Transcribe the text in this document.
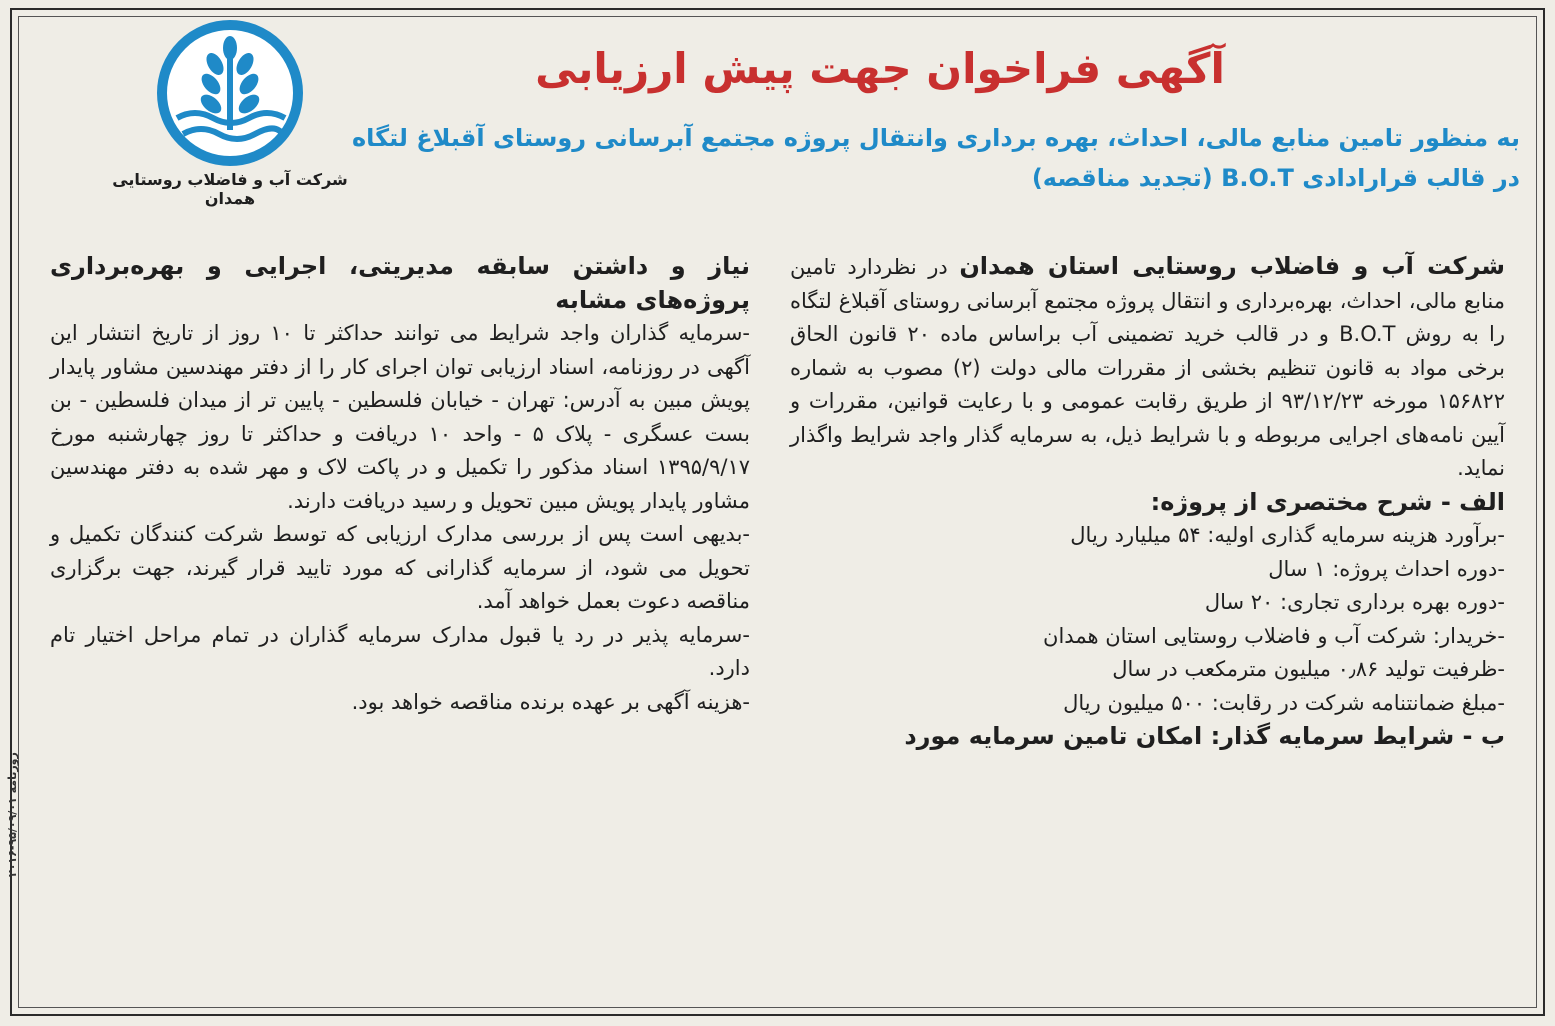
شرکت آب و فاضلاب روستایی همدان
آگهی فراخوان جهت پیش ارزیابی
به منظور تامین منابع مالی، احداث، بهره برداری وانتقال پروژه مجتمع آبرسانی روستای آقبلاغ لتگاه
در قالب قرارادادی B.O.T (تجدید مناقصه)

شرکت آب و فاضلاب روستایی استان همدان در نظردارد تامین منابع مالی، احداث، بهره‌برداری و انتقال پروژه مجتمع آبرسانی روستای آقبلاغ لتگاه را به روش B.O.T و در قالب خرید تضمینی آب براساس ماده ۲۰ قانون الحاق برخی مواد به قانون تنظیم بخشی از مقررات مالی دولت (۲) مصوب به شماره ۱۵۶۸۲۲ مورخه ۹۳/۱۲/۲۳ از طریق رقابت عمومی و با رعایت قوانین، مقررات و آیین نامه‌های اجرایی مربوطه و با شرایط ذیل، به سرمایه گذار واجد شرایط واگذار نماید.

الف - شرح مختصری از پروژه:

-برآورد هزینه سرمایه گذاری اولیه: ۵۴ میلیارد ریال

-دوره احداث پروژه: ۱ سال

-دوره بهره برداری تجاری: ۲۰ سال

-خریدار: شرکت آب و فاضلاب روستایی استان همدان

-ظرفیت تولید ۰٫۸۶ میلیون مترمکعب در سال

-مبلغ ضمانتنامه شرکت در رقابت: ۵۰۰ میلیون ریال

ب - شرایط سرمایه گذار: امکان تامین سرمایه مورد

نیاز و داشتن سابقه مدیریتی، اجرایی و بهره‌برداری پروژه‌های مشابه

-سرمایه گذاران واجد شرایط می توانند حداکثر تا ۱۰ روز از تاریخ انتشار این آگهی در روزنامه، اسناد ارزیابی توان اجرای کار را از دفتر مهندسین مشاور پایدار پویش مبین به آدرس: تهران - خیابان فلسطین - پایین تر از میدان فلسطین - بن بست عسگری - پلاک ۵ - واحد ۱۰ دریافت و حداکثر تا روز چهارشنبه مورخ ۱۳۹۵/۹/۱۷ اسناد مذکور را تکمیل و در پاکت لاک و مهر شده به دفتر مهندسین مشاور پایدار پویش مبین تحویل و رسید دریافت دارند.

-بدیهی است پس از بررسی مدارک ارزیابی که توسط شرکت کنندگان تکمیل و تحویل می شود، از سرمایه گذارانی که مورد تایید قرار گیرند، جهت برگزاری مناقصه دعوت بعمل خواهد آمد.

-سرمایه پذیر در رد یا قبول مدارک سرمایه گذاران در تمام مراحل اختیار تام دارد.

-هزینه آگهی بر عهده برنده مناقصه خواهد بود.

روزنامه ۹۵/۰۹/۰۱-۲۰۱۶
